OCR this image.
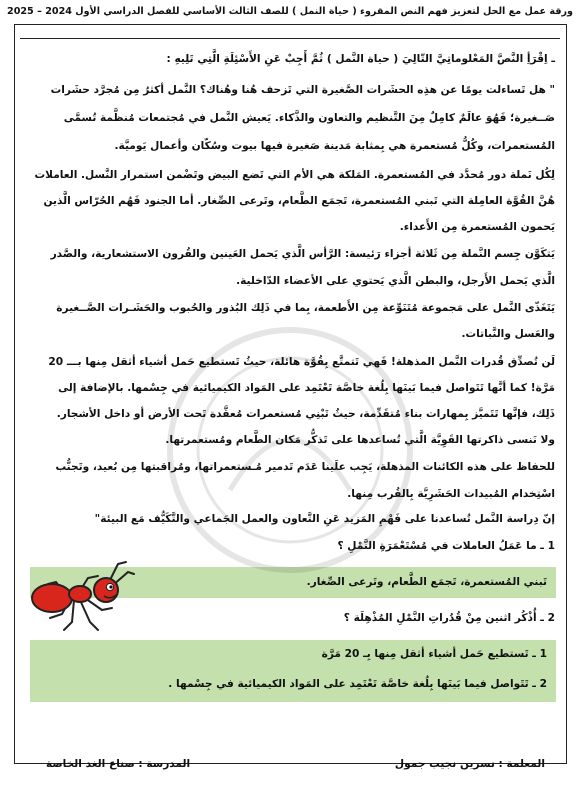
ورقة عمل مع الحل لتعزيز فهم النص المقروء ( حياة النمل ) للصف الثالث الأساسي للفصل الدراسي الأول 2024 – 2025
ـ اِقْرَأِ النَّصَّ المَعْلوماتِيَّ التّالِيَ ( حياة النَّمل ) ثُمَّ أَجِبْ عَنِ الأَسْئِلَةِ الَّتِي تَلِيهِ :
" هل تَساءلت يومًا عن هذِه الحشَرات الصَّغيرة التي تَزحف هُنا وهُناك؟ النَّمل أكثرُ مِن مُجرَّد حشَرات
صَــغيرة؛ فَهُوَ عالَمٌ كامِلٌ مِنَ التَّنظيم والتعاون والذَّكاء. يَعيش النَّمل في مُجتمعات مُنظَّمة تُسمَّى
المُستعمرات، وكُلُّ مُستعمرة هي بِمثابة مَدينة صَغيرة فيها بيوت وسُكّان وأعمال يَوميَّة.
لِكُل نَملة دور مُحدَّد في المُستعمرة. المَلكة هي الأم التي تَضع البيض وتَضْمن استمرار النَّسل. العاملات
هُنَّ القُوَّة العامِلة التي تَبني المُستعمرة، تَجمَع الطَّعام، وتَرعى الصِّغار. أما الجنود فَهُم الحُرّاس الَّذين
يَحمون المُستعمرة مِن الأَعداء.
يَتكَوَّن جِسم النَّملة مِن ثَلاثة أجزاء رَئيسة: الرَّأس الَّذي يَحمل العَينين والقُرون الاستشعارية، والصَّدر
الَّذي يَحمل الأَرجل، والبطن الَّذي يَحتوي على الأعضاء الدّاخلية.
يَتَغَذّى النَّمل على مَجموعة مُتَنَوِّعة مِن الأَطعمة، بِما في ذَلِك البُذور والحُبوب والحَشَـرات الصَّــغيرة
والعَسل والنَّباتات.
لَن تُصدِّق قُدرات النَّمل المذهلة! فَهي تَتمتَّع بِقُوَّة هائلة، حيثُ تَستطيع حَمل أشياء أثقل مِنها بـــ 20
مَرَّة! كما أنَّها تَتَواصل فيما بَينَها بِلُغة خاصَّة تَعْتَمِد على المَواد الكيميائية في جِسْمها. بالإضافة إلى
ذَلِك، فإنَّها تَتَميَّز بِمهارات بناء مُتقَدِّمة، حيثُ تَبْنِي مُستعمرات مُعقَّدة تَحت الأرض أو داخل الأشجار.
ولا نَنسى ذاكرتها القَوِيَّة الَّتي تُساعدها على تَذكُّر مَكان الطَّعام ومُستعمرتها.
للحفاظ على هذه الكائنات المذهلة، يَجِب علَينا عَدَم تَدمير مُـستعمراتها، ومُراقبتها مِن بُعيد، وتَجنُّب
اسْتِخدام المُبيدات الحَشَرِيَّة بِالقُرب مِنها.
إنّ دِراسة النَّمل تُساعدنا على فَهْمِ المَزيد عَنِ التَّعاون والعمل الجَماعي والتَّكَيُّف مَع البيئة"
1 ـ ما عَمَلُ العاملات في مُسْتَعْمَرَةِ النَّمْلِ ؟
تَبني المُستعمرة، تَجمَع الطَّعام، وتَرعى الصِّغار.
2 ـ أُذْكُر اثنين مِنْ قُدُراتِ النَّمْلِ المُذْهِلَة ؟
1 ـ تَستطيع حَمل أشياء أثقل مِنها بِـ 20 مَرَّة
2 ـ تَتَواصل فيما بَينَها بِلُغة خاصَّة تَعْتَمِد على المَواد الكيميائية في جِسْمها .
المعلمة : نسرين نجيب جمول
المدرسة : صناع الغد الخاصة
